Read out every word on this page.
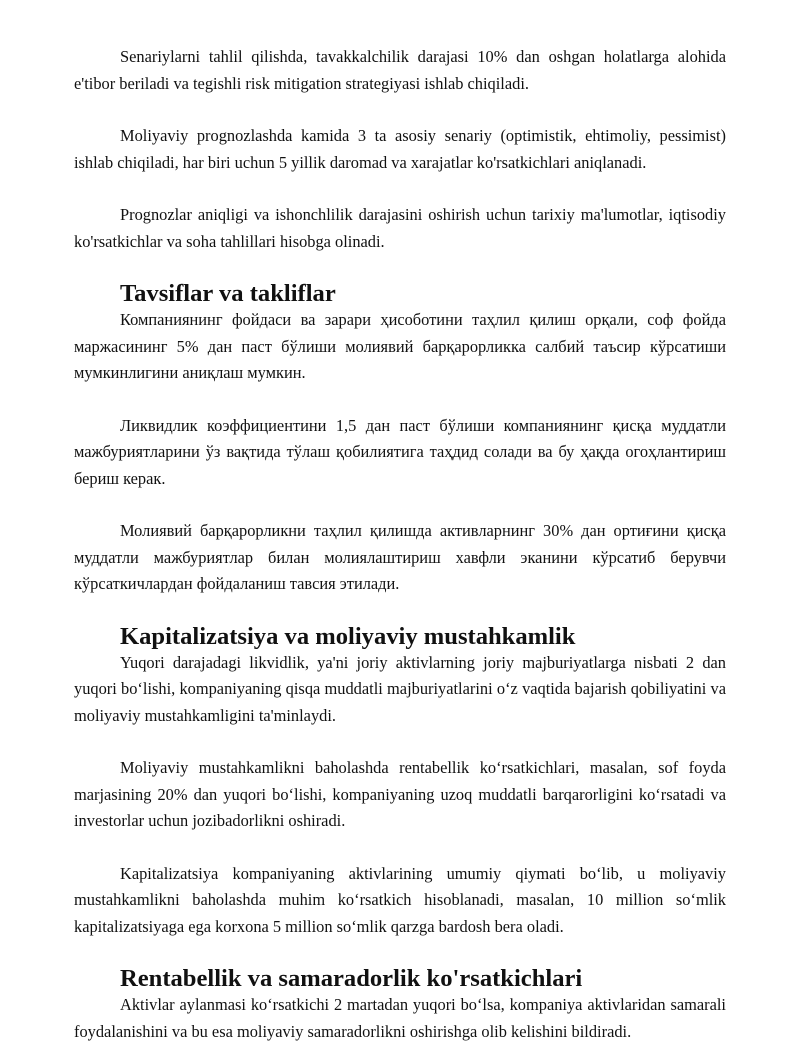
Senariylarni tahlil qilishda, tavakkalchilik darajasi 10% dan oshgan holatlarga alohida e'tibor beriladi va tegishli risk mitigation strategiyasi ishlab chiqiladi.

Moliyaviy prognozlashda kamida 3 ta asosiy senariy (optimistik, ehtimoliy, pessimist) ishlab chiqiladi, har biri uchun 5 yillik daromad va xarajatlar ko'rsatkichlari aniqlanadi.

Prognozlar aniqligi va ishonchlilik darajasini oshirish uchun tarixiy ma'lumotlar, iqtisodiy ko'rsatkichlar va soha tahlillari hisobga olinadi.

Tavsiflar va takliflar

Компаниянинг фойдаси ва зарари ҳисоботини таҳлил қилиш орқали, соф фойда маржасининг 5% дан паст бўлиши молиявий барқарорликка салбий таъсир кўрсатиши мумкинлигини аниқлаш мумкин.

Ликвидлик коэффициентини 1,5 дан паст бўлиши компаниянинг қисқа муддатли мажбуриятларини ўз вақтида тўлаш қобилиятига таҳдид солади ва бу ҳақда огоҳлантириш бериш керак.

Молиявий барқарорликни таҳлил қилишда активларнинг 30% дан ортиғини қисқа муддатли мажбуриятлар билан молиялаштириш хавфли эканини кўрсатиб берувчи кўрсаткичлардан фойдаланиш тавсия этилади.

Kapitalizatsiya va moliyaviy mustahkamlik

Yuqori darajadagi likvidlik, ya'ni joriy aktivlarning joriy majburiyatlarga nisbati 2 dan yuqori boʻlishi, kompaniyaning qisqa muddatli majburiyatlarini oʻz vaqtida bajarish qobiliyatini va moliyaviy mustahkamligini ta'minlaydi.

Moliyaviy mustahkamlikni baholashda rentabellik koʻrsatkichlari, masalan, sof foyda marjasining 20% dan yuqori boʻlishi, kompaniyaning uzoq muddatli barqarorligini koʻrsatadi va investorlar uchun jozibadorlikni oshiradi.

Kapitalizatsiya kompaniyaning aktivlarining umumiy qiymati boʻlib, u moliyaviy mustahkamlikni baholashda muhim koʻrsatkich hisoblanadi, masalan, 10 million soʻmlik kapitalizatsiyaga ega korxona 5 million soʻmlik qarzga bardosh bera oladi.

Rentabellik va samaradorlik ko'rsatkichlari

Aktivlar aylanmasi koʻrsatkichi 2 martadan yuqori boʻlsa, kompaniya aktivlaridan samarali foydalanishini va bu esa moliyaviy samaradorlikni oshirishga olib kelishini bildiradi.
